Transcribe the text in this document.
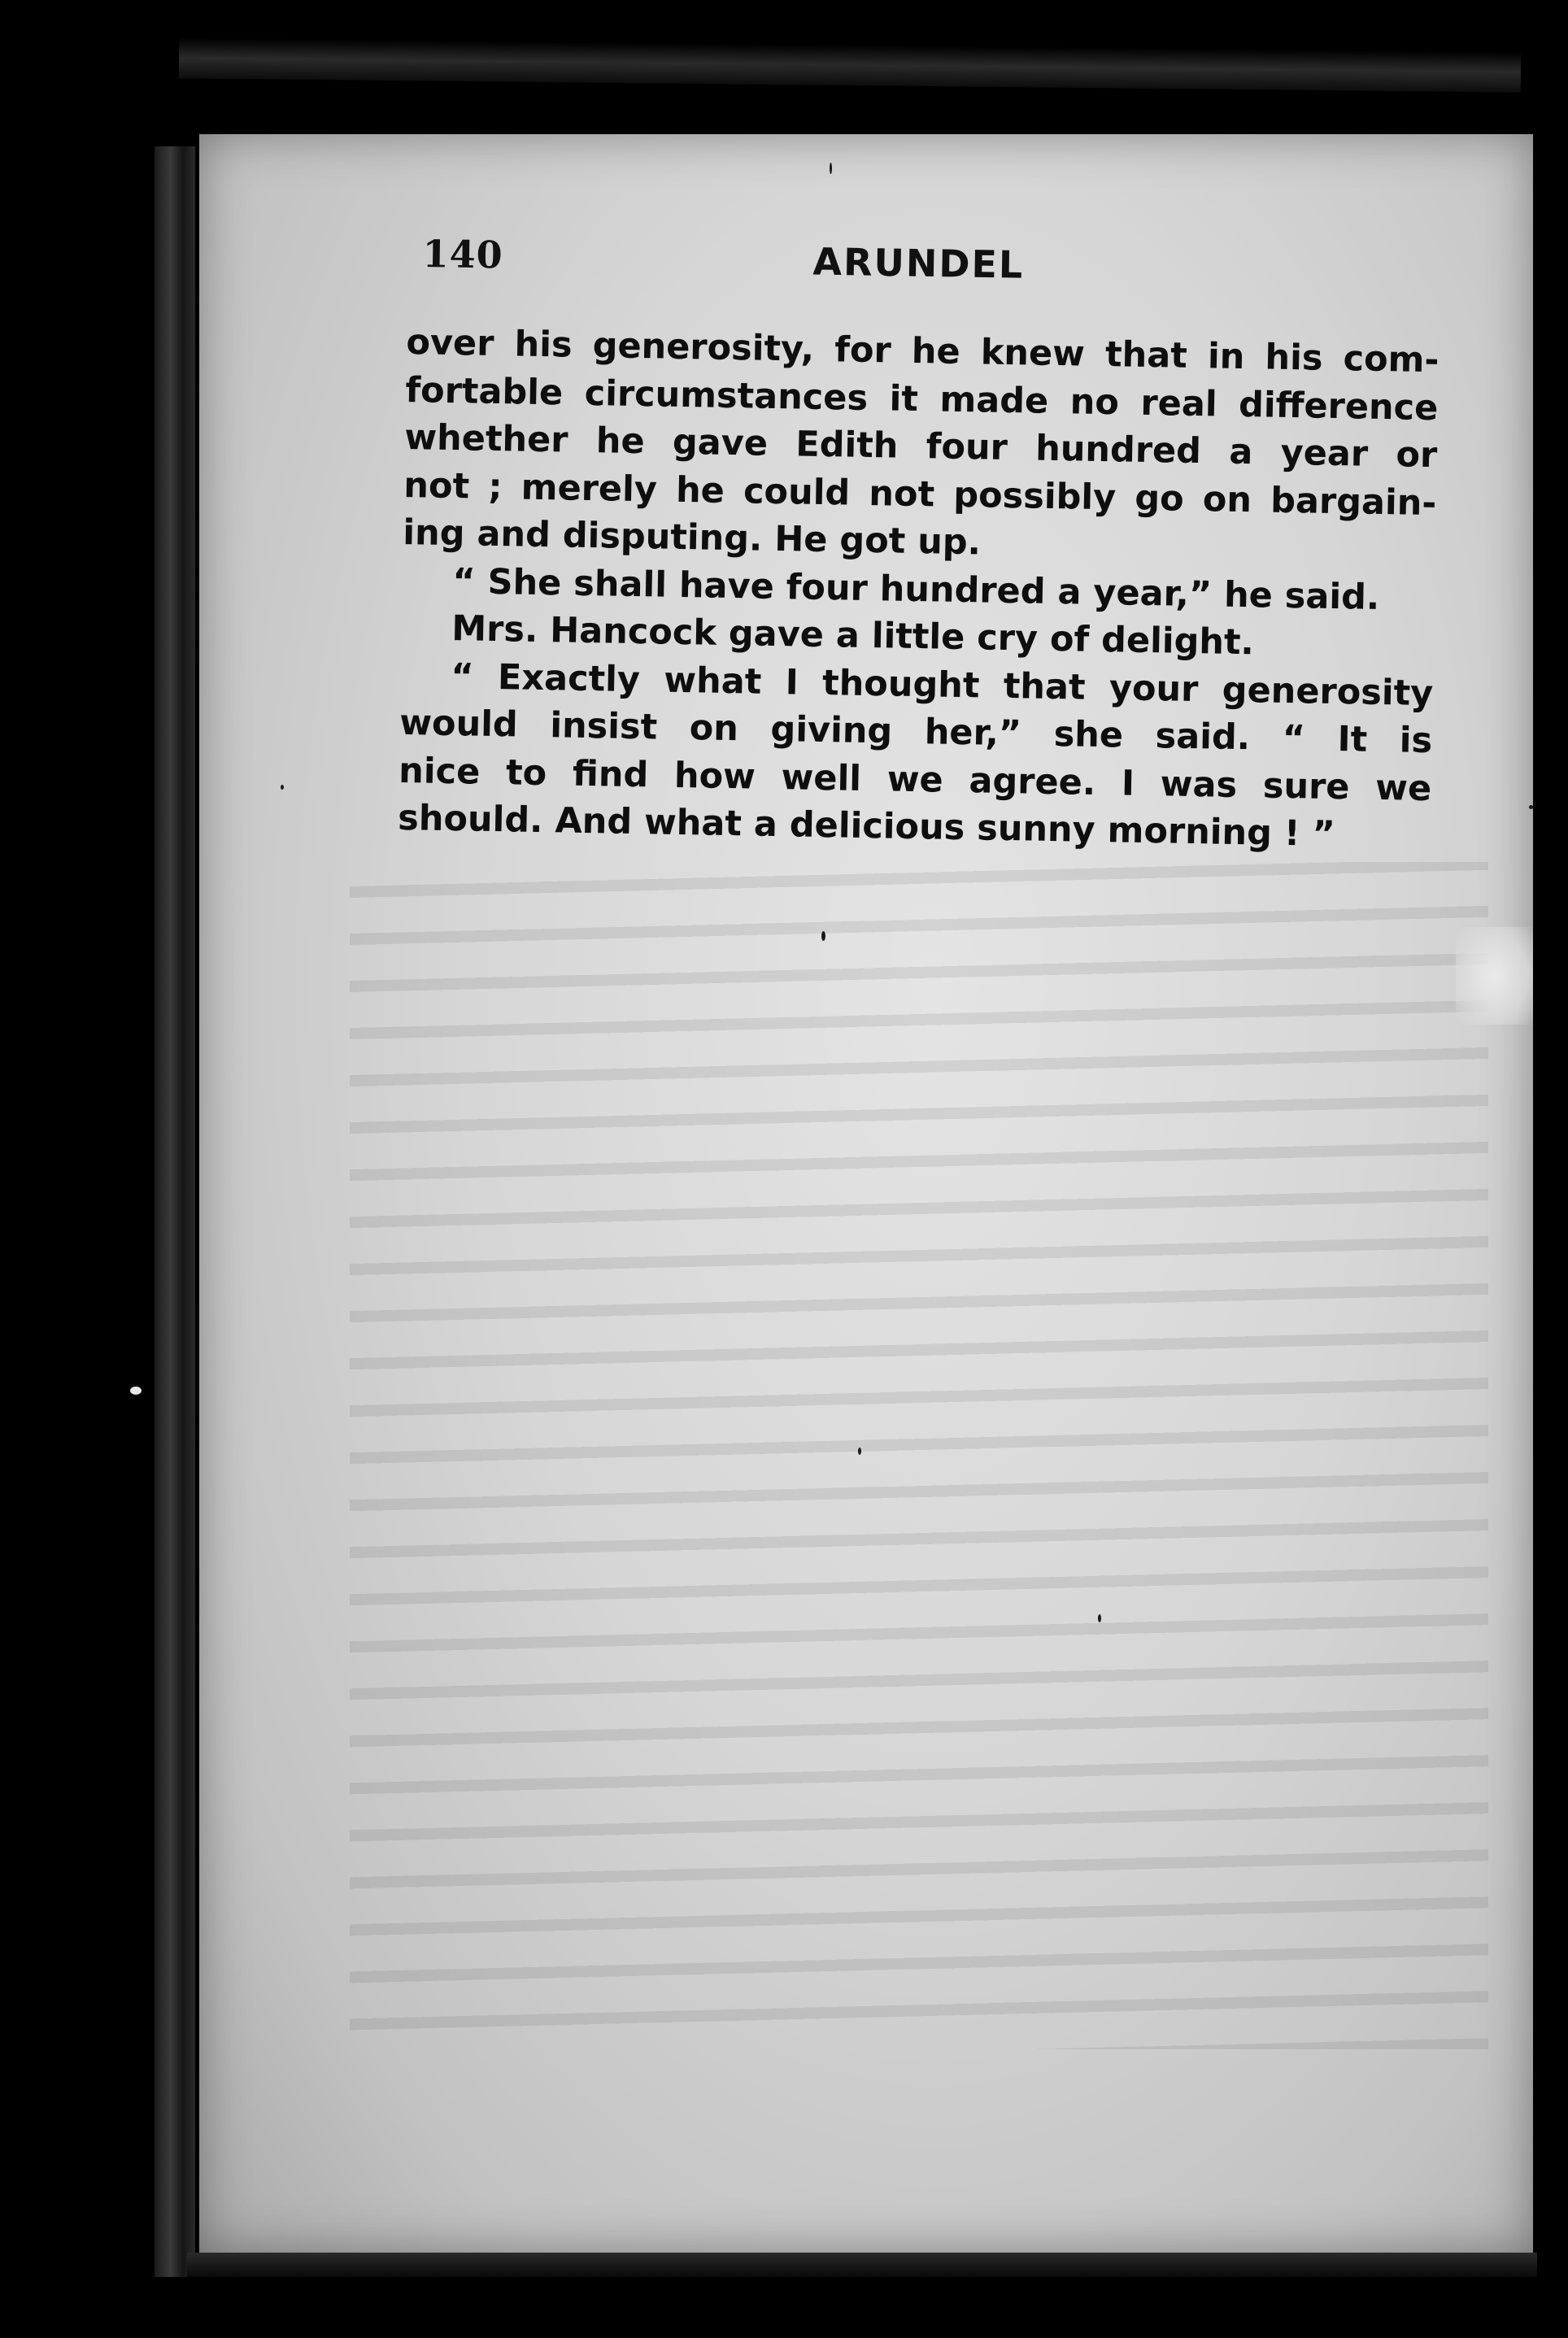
140	ARUNDEL
over his generosity, for he knew that in his com-
fortable circumstances it made no real difference
whether he gave Edith four hundred a year or
not ; merely he could not possibly go on bargain-
ing and disputing. He got up.
“ She shall have four hundred a year,” he said.
Mrs. Hancock gave a little cry of delight.
“ Exactly what I thought that your generosity
would insist on giving her,” she said. “ It is
nice to find how well we agree. I was sure we
should. And what a delicious sunny morning ! ”
